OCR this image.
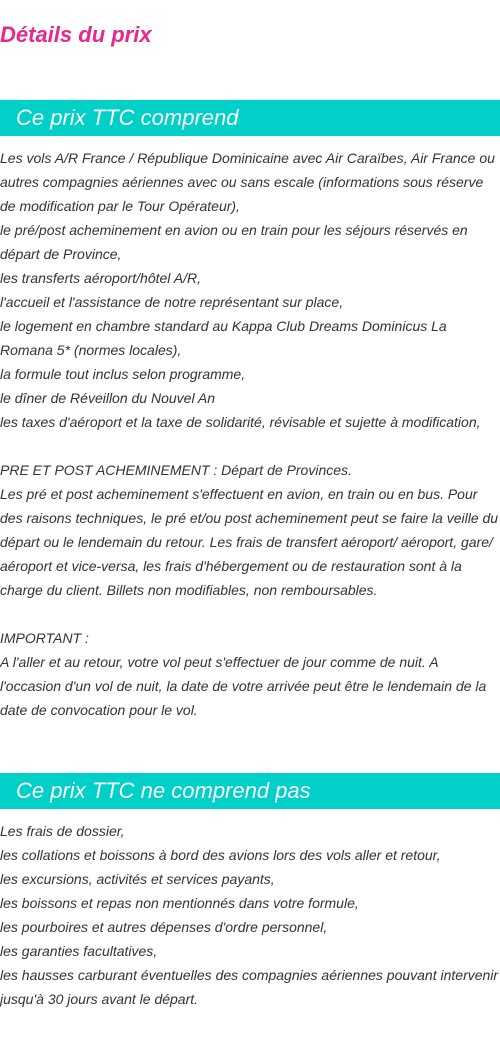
Détails du prix
Ce prix TTC comprend

Les vols A/R France / République Dominicaine avec Air Caraïbes, Air France ou autres compagnies aériennes avec ou sans escale (informations sous réserve de modification par le Tour Opérateur),

le pré/post acheminement en avion ou en train pour les séjours réservés en départ de Province,

les transferts aéroport/hôtel A/R,

l'accueil et l'assistance de notre représentant sur place,

le logement en chambre standard au Kappa Club Dreams Dominicus La Romana 5* (normes locales),

la formule tout inclus selon programme,

le dîner de Réveillon du Nouvel An

les taxes d'aéroport et la taxe de solidarité, révisable et sujette à modification,

PRE ET POST ACHEMINEMENT : Départ de Provinces.

Les pré et post acheminement s'effectuent en avion, en train ou en bus. Pour des raisons techniques, le pré et/ou post acheminement peut se faire la veille du départ ou le lendemain du retour. Les frais de transfert aéroport/ aéroport, gare/ aéroport et vice-versa, les frais d'hébergement ou de restauration sont à la charge du client. Billets non modifiables, non remboursables.

IMPORTANT :

A l'aller et au retour, votre vol peut s'effectuer de jour comme de nuit. A l'occasion d'un vol de nuit, la date de votre arrivée peut être le lendemain de la date de convocation pour le vol.

Ce prix TTC ne comprend pas

Les frais de dossier,

les collations et boissons à bord des avions lors des vols aller et retour,

les excursions, activités et services payants,

les boissons et repas non mentionnés dans votre formule,

les pourboires et autres dépenses d'ordre personnel,

les garanties facultatives,

les hausses carburant éventuelles des compagnies aériennes pouvant intervenir jusqu'à 30 jours avant le départ.
